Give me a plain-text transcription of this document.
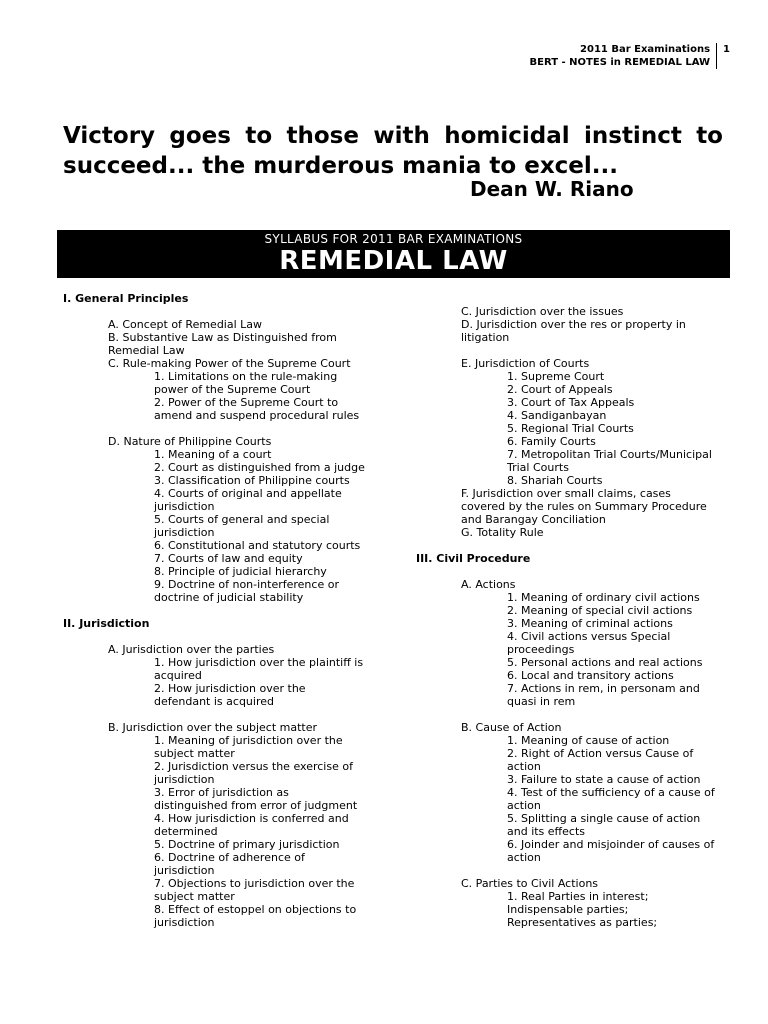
2011 Bar Examinations
BERT - NOTES in REMEDIAL LAW
1
Victory goes to those with homicidal instinct to succeed... the murderous mania to excel...
Dean W. Riano
SYLLABUS FOR 2011 BAR EXAMINATIONS
REMEDIAL LAW

I. General Principles

A. Concept of Remedial Law

B. Substantive Law as Distinguished from

Remedial Law

C. Rule-making Power of the Supreme Court

1. Limitations on the rule-making

power of the Supreme Court

2. Power of the Supreme Court to

amend and suspend procedural rules

D. Nature of Philippine Courts

1. Meaning of a court

2. Court as distinguished from a judge

3. Classification of Philippine courts

4. Courts of original and appellate

jurisdiction

5. Courts of general and special

jurisdiction

6. Constitutional and statutory courts

7. Courts of law and equity

8. Principle of judicial hierarchy

9. Doctrine of non-interference or

doctrine of judicial stability

II. Jurisdiction

A. Jurisdiction over the parties

1. How jurisdiction over the plaintiff is

acquired

2. How jurisdiction over the

defendant is acquired

B. Jurisdiction over the subject matter

1. Meaning of jurisdiction over the

subject matter

2. Jurisdiction versus the exercise of

jurisdiction

3. Error of jurisdiction as

distinguished from error of judgment

4. How jurisdiction is conferred and

determined

5. Doctrine of primary jurisdiction

6. Doctrine of adherence of

jurisdiction

7. Objections to jurisdiction over the

subject matter

8. Effect of estoppel on objections to

jurisdiction

C. Jurisdiction over the issues

D. Jurisdiction over the res or property in

litigation

E. Jurisdiction of Courts

1. Supreme Court

2. Court of Appeals

3. Court of Tax Appeals

4. Sandiganbayan

5. Regional Trial Courts

6. Family Courts

7. Metropolitan Trial Courts/Municipal

Trial Courts

8. Shariah Courts

F. Jurisdiction over small claims, cases

covered by the rules on Summary Procedure

and Barangay Conciliation

G. Totality Rule

III. Civil Procedure

A. Actions

1. Meaning of ordinary civil actions

2. Meaning of special civil actions

3. Meaning of criminal actions

4. Civil actions versus Special

proceedings

5. Personal actions and real actions

6. Local and transitory actions

7. Actions in rem, in personam and

quasi in rem

B. Cause of Action

1. Meaning of cause of action

2. Right of Action versus Cause of

action

3. Failure to state a cause of action

4. Test of the sufficiency of a cause of

action

5. Splitting a single cause of action

and its effects

6. Joinder and misjoinder of causes of

action

C. Parties to Civil Actions

1. Real Parties in interest;

Indispensable parties;

Representatives as parties;
